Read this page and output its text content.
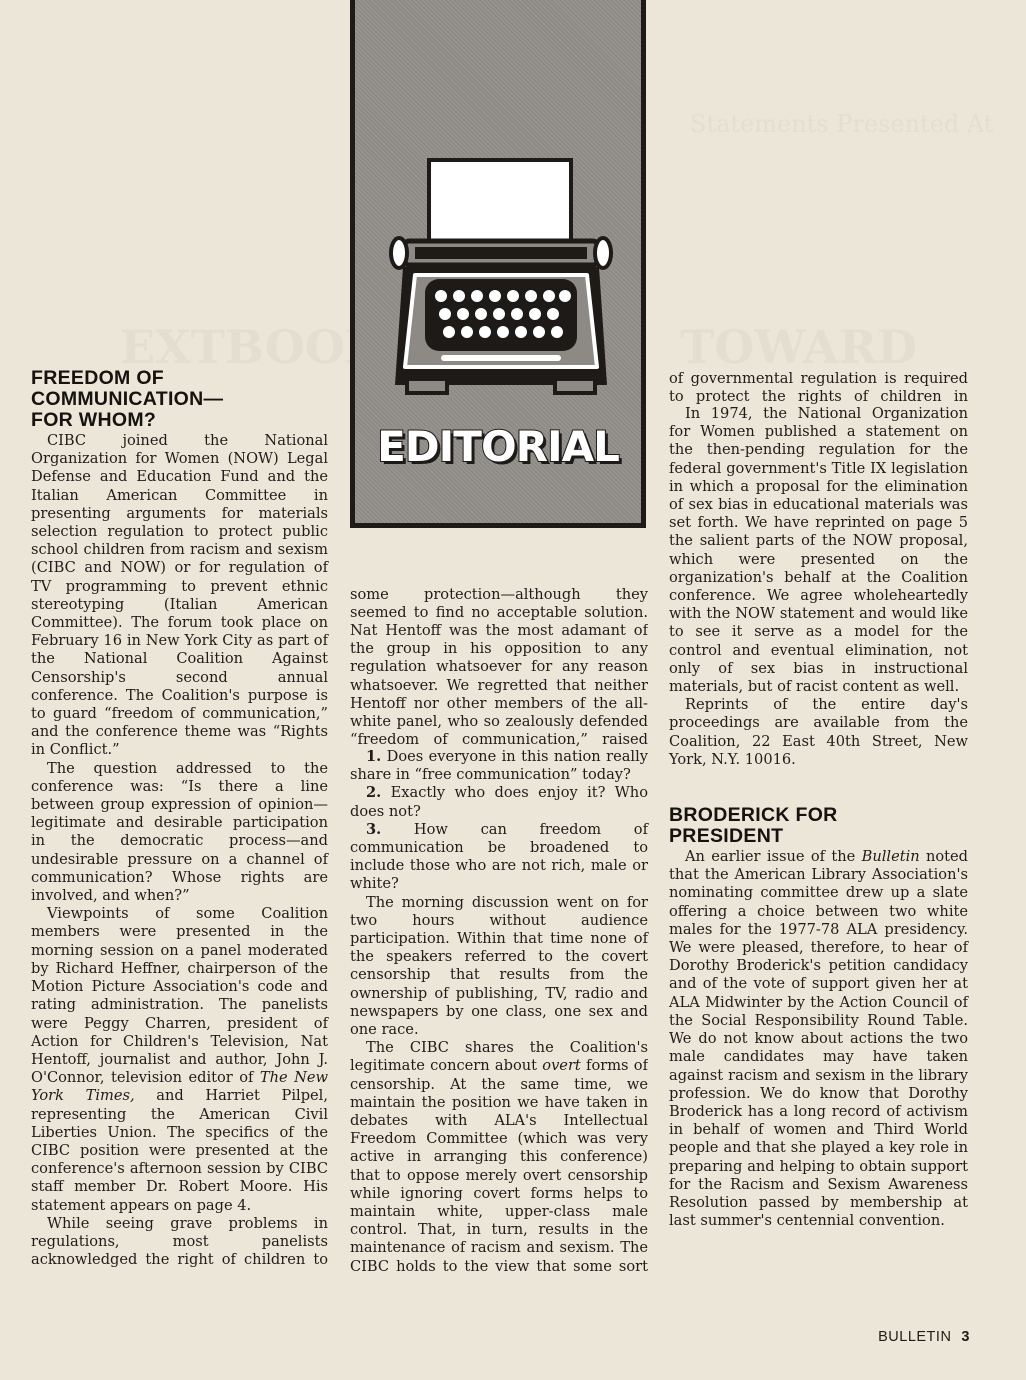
EDITORIAL
FREEDOM OF
COMMUNICATION—
FOR WHOM?

CIBC joined the National Organization for Women (NOW) Legal Defense and Education Fund and the Italian American Committee in presenting arguments for materials selection regulation to protect public school children from racism and sexism (CIBC and NOW) or for regulation of TV programming to prevent ethnic stereotyping (Italian American Committee). The forum took place on February 16 in New York City as part of the National Coalition Against Censorship's second annual conference. The Coalition's purpose is to guard “freedom of communication,” and the conference theme was “Rights in Conflict.”

The question addressed to the conference was: “Is there a line between group expression of opinion—legitimate and desirable participation in the democratic process—and undesirable pressure on a channel of communication? Whose rights are involved, and when?”

Viewpoints of some Coalition members were presented in the morning session on a panel moderated by Richard Heffner, chairperson of the Motion Picture Association's code and rating administration. The panelists were Peggy Charren, president of Action for Children's Television, Nat Hentoff, journalist and author, John J. O'Connor, television editor of The New York Times, and Harriet Pilpel, representing the American Civil Liberties Union. The specifics of the CIBC position were presented at the conference's afternoon session by CIBC staff member Dr. Robert Moore. His statement appears on page 4.

While seeing grave problems in regulations, most panelists acknowledged the right of children to

some protection—although they seemed to find no acceptable solution. Nat Hentoff was the most adamant of the group in his opposition to any regulation whatsoever for any reason whatsoever. We regretted that neither Hentoff nor other members of the all-white panel, who so zealously defended “freedom of communication,” raised

1. Does everyone in this nation really share in “free communication” today?

2. Exactly who does enjoy it? Who does not?

3. How can freedom of communication be broadened to include those who are not rich, male or white?

The morning discussion went on for two hours without audience participation. Within that time none of the speakers referred to the covert censorship that results from the ownership of publishing, TV, radio and newspapers by one class, one sex and one race.

The CIBC shares the Coalition's legitimate concern about overt forms of censorship. At the same time, we maintain the position we have taken in debates with ALA's Intellectual Freedom Committee (which was very active in arranging this conference) that to oppose merely overt censorship while ignoring covert forms helps to maintain white, upper-class male control. That, in turn, results in the maintenance of racism and sexism. The CIBC holds to the view that some sort

of governmental regulation is required to protect the rights of children in

In 1974, the National Organization for Women published a statement on the then-pending regulation for the federal government's Title IX legislation in which a proposal for the elimination of sex bias in educational materials was set forth. We have reprinted on page 5 the salient parts of the NOW proposal, which were presented on the organization's behalf at the Coalition conference. We agree wholeheartedly with the NOW statement and would like to see it serve as a model for the control and eventual elimination, not only of sex bias in instructional materials, but of racist content as well.

Reprints of the entire day's proceedings are available from the Coalition, 22 East 40th Street, New York, N.Y. 10016.

BRODERICK FOR
PRESIDENT

An earlier issue of the Bulletin noted that the American Library Association's nominating committee drew up a slate offering a choice between two white males for the 1977-78 ALA presidency. We were pleased, therefore, to hear of Dorothy Broderick's petition candidacy and of the vote of support given her at ALA Midwinter by the Action Council of the Social Responsibility Round Table. We do not know about actions the two male candidates may have taken against racism and sexism in the library profession. We do know that Dorothy Broderick has a long record of activism in behalf of women and Third World people and that she played a key role in preparing and helping to obtain support for the Racism and Sexism Awareness Resolution passed by membership at last summer's centennial convention.

BULLETIN 3
